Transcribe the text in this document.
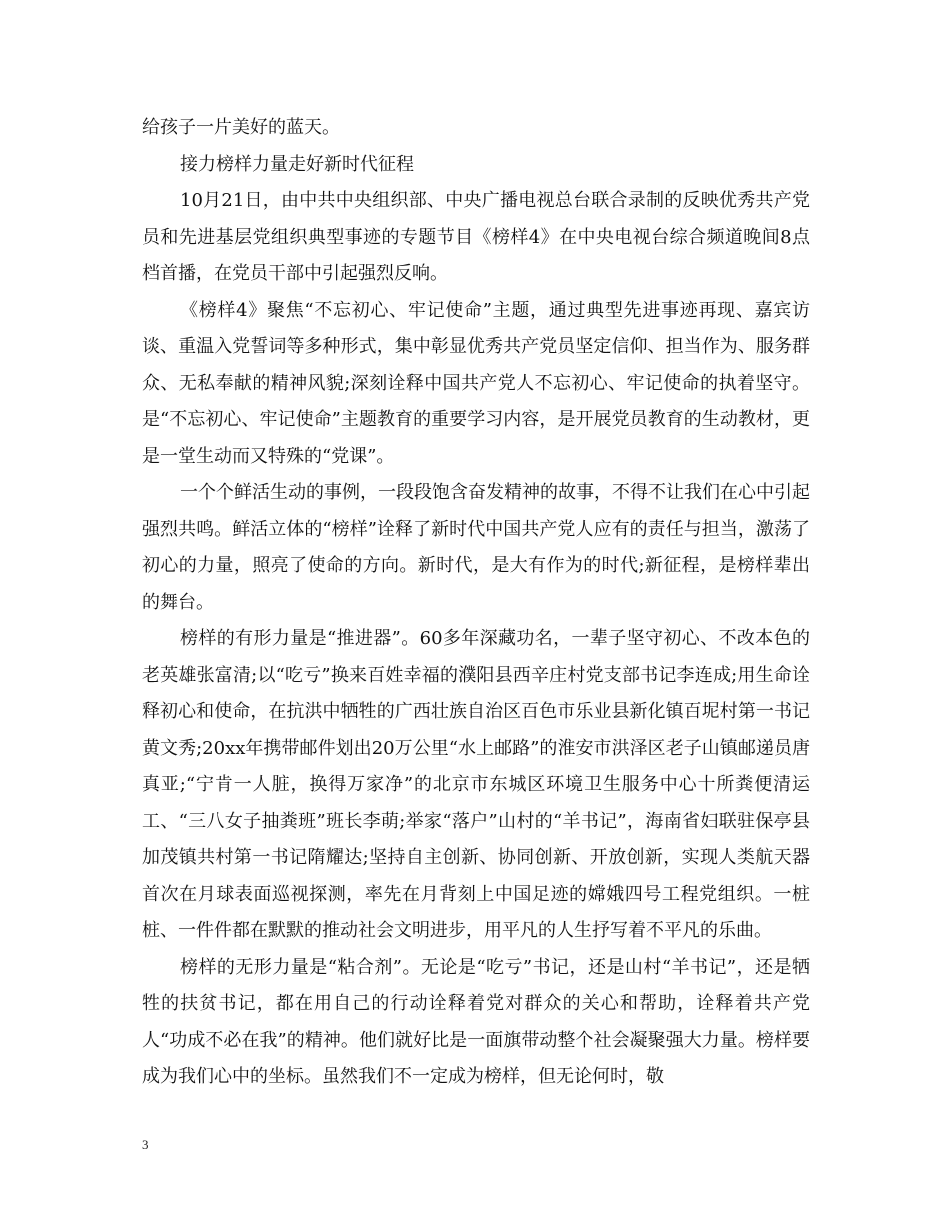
给孩子一片美好的蓝天。

接力榜样力量走好新时代征程

10月21日，由中共中央组织部、中央广播电视总台联合录制的反映优秀共产党员和先进基层党组织典型事迹的专题节目《榜样4》在中央电视台综合频道晚间8点档首播，在党员干部中引起强烈反响。

《榜样4》聚焦“不忘初心、牢记使命”主题，通过典型先进事迹再现、嘉宾访谈、重温入党誓词等多种形式，集中彰显优秀共产党员坚定信仰、担当作为、服务群众、无私奉献的精神风貌;深刻诠释中国共产党人不忘初心、牢记使命的执着坚守。是“不忘初心、牢记使命”主题教育的重要学习内容，是开展党员教育的生动教材，更是一堂生动而又特殊的“党课”。

一个个鲜活生动的事例，一段段饱含奋发精神的故事，不得不让我们在心中引起强烈共鸣。鲜活立体的“榜样”诠释了新时代中国共产党人应有的责任与担当，激荡了初心的力量，照亮了使命的方向。新时代，是大有作为的时代;新征程，是榜样辈出的舞台。

榜样的有形力量是“推进器”。60多年深藏功名，一辈子坚守初心、不改本色的老英雄张富清;以“吃亏”换来百姓幸福的濮阳县西辛庄村党支部书记李连成;用生命诠释初心和使命，在抗洪中牺牲的广西壮族自治区百色市乐业县新化镇百坭村第一书记黄文秀;20xx年携带邮件划出20万公里“水上邮路”的淮安市洪泽区老子山镇邮递员唐真亚;“宁肯一人脏，换得万家净”的北京市东城区环境卫生服务中心十所粪便清运工、“三八女子抽粪班”班长李萌;举家“落户”山村的“羊书记”，海南省妇联驻保亭县加茂镇共村第一书记隋耀达;坚持自主创新、协同创新、开放创新，实现人类航天器首次在月球表面巡视探测，率先在月背刻上中国足迹的嫦娥四号工程党组织。一桩桩、一件件都在默默的推动社会文明进步，用平凡的人生抒写着不平凡的乐曲。

榜样的无形力量是“粘合剂”。无论是“吃亏”书记，还是山村“羊书记”，还是牺牲的扶贫书记，都在用自己的行动诠释着党对群众的关心和帮助，诠释着共产党人“功成不必在我”的精神。他们就好比是一面旗带动整个社会凝聚强大力量。榜样要成为我们心中的坐标。虽然我们不一定成为榜样，但无论何时，敬

3
